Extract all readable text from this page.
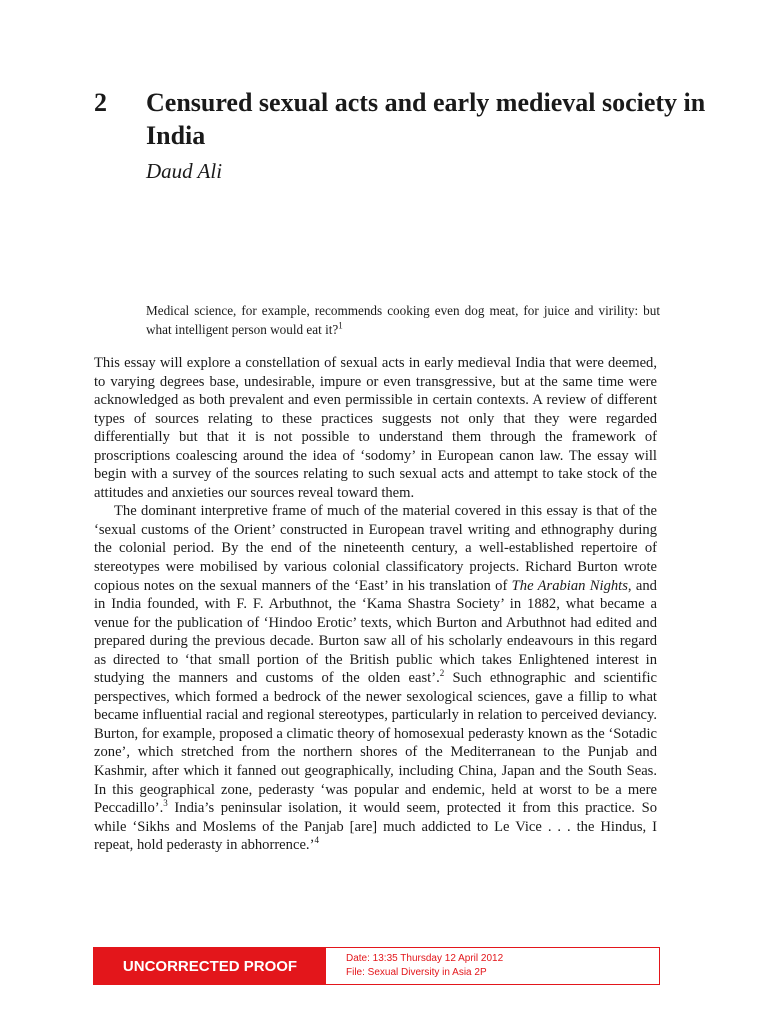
2	Censured sexual acts and early medieval society in India
Daud Ali
Medical science, for example, recommends cooking even dog meat, for juice and virility: but what intelligent person would eat it?$^1$

This essay will explore a constellation of sexual acts in early medieval India that were deemed, to varying degrees base, undesirable, impure or even transgressive, but at the same time were acknowledged as both prevalent and even permissible in certain contexts. A review of different types of sources relating to these practices suggests not only that they were regarded differentially but that it is not possible to understand them through the framework of proscriptions coalescing around the idea of ‘sodomy’ in European canon law. The essay will begin with a survey of the sources relating to such sexual acts and attempt to take stock of the attitudes and anxieties our sources reveal toward them.

The dominant interpretive frame of much of the material covered in this essay is that of the ‘sexual customs of the Orient’ constructed in European travel writing and ethnography during the colonial period. By the end of the nineteenth century, a well-established repertoire of stereotypes were mobilised by various colonial classificatory projects. Richard Burton wrote copious notes on the sexual manners of the ‘East’ in his translation of The Arabian Nights, and in India founded, with F. F. Arbuthnot, the ‘Kama Shastra Society’ in 1882, what became a venue for the publication of ‘Hindoo Erotic’ texts, which Burton and Arbuthnot had edited and prepared during the previous decade. Burton saw all of his scholarly endeavours in this regard as directed to ‘that small portion of the British public which takes Enlightened interest in studying the manners and customs of the olden east’.$^2$ Such ethnographic and scientific perspectives, which formed a bedrock of the newer sexological sciences, gave a fillip to what became influential racial and regional stereotypes, particularly in relation to perceived deviancy. Burton, for example, proposed a climatic theory of homosexual pederasty known as the ‘Sotadic zone’, which stretched from the northern shores of the Mediterranean to the Punjab and Kashmir, after which it fanned out geographically, including China, Japan and the South Seas. In this geographical zone, pederasty ‘was popular and endemic, held at worst to be a mere Peccadillo’.$^3$ India’s peninsular isolation, it would seem, protected it from this practice. So while ‘Sikhs and Moslems of the Panjab [are] much addicted to Le Vice . . . the Hindus, I repeat, hold pederasty in abhorrence.’$^4$

UNCORRECTED PROOF	Date: 13:35 Thursday 12 April 2012
File: Sexual Diversity in Asia 2P
